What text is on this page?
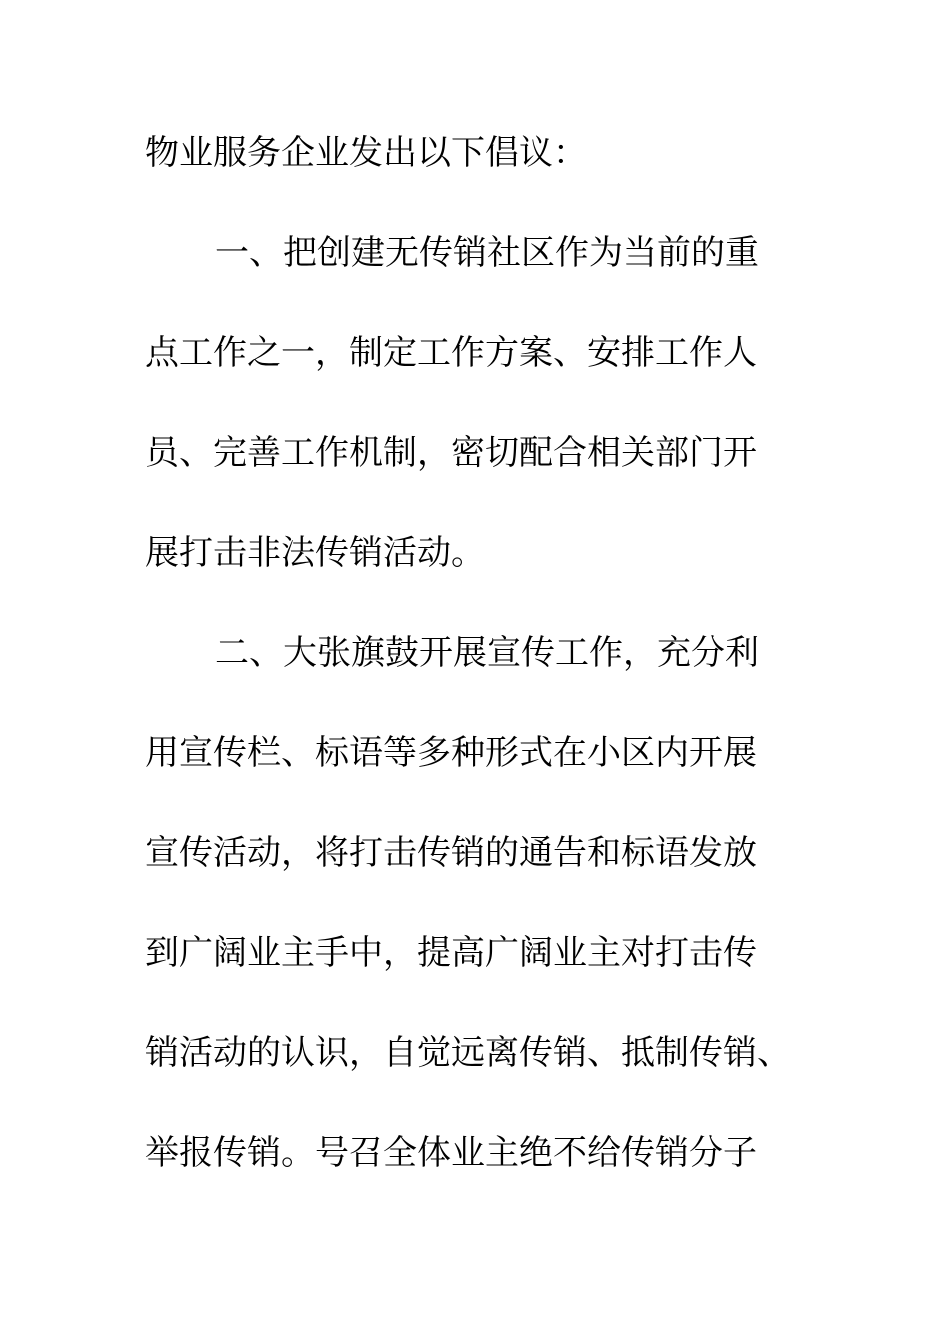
物业服务企业发出以下倡议：
一、把创建无传销社区作为当前的重
点工作之一，制定工作方案、安排工作人
员、完善工作机制，密切配合相关部门开
展打击非法传销活动。
二、大张旗鼓开展宣传工作，充分利
用宣传栏、标语等多种形式在小区内开展
宣传活动，将打击传销的通告和标语发放
到广阔业主手中，提高广阔业主对打击传
销活动的认识，自觉远离传销、抵制传销、
举报传销。号召全体业主绝不给传销分子
